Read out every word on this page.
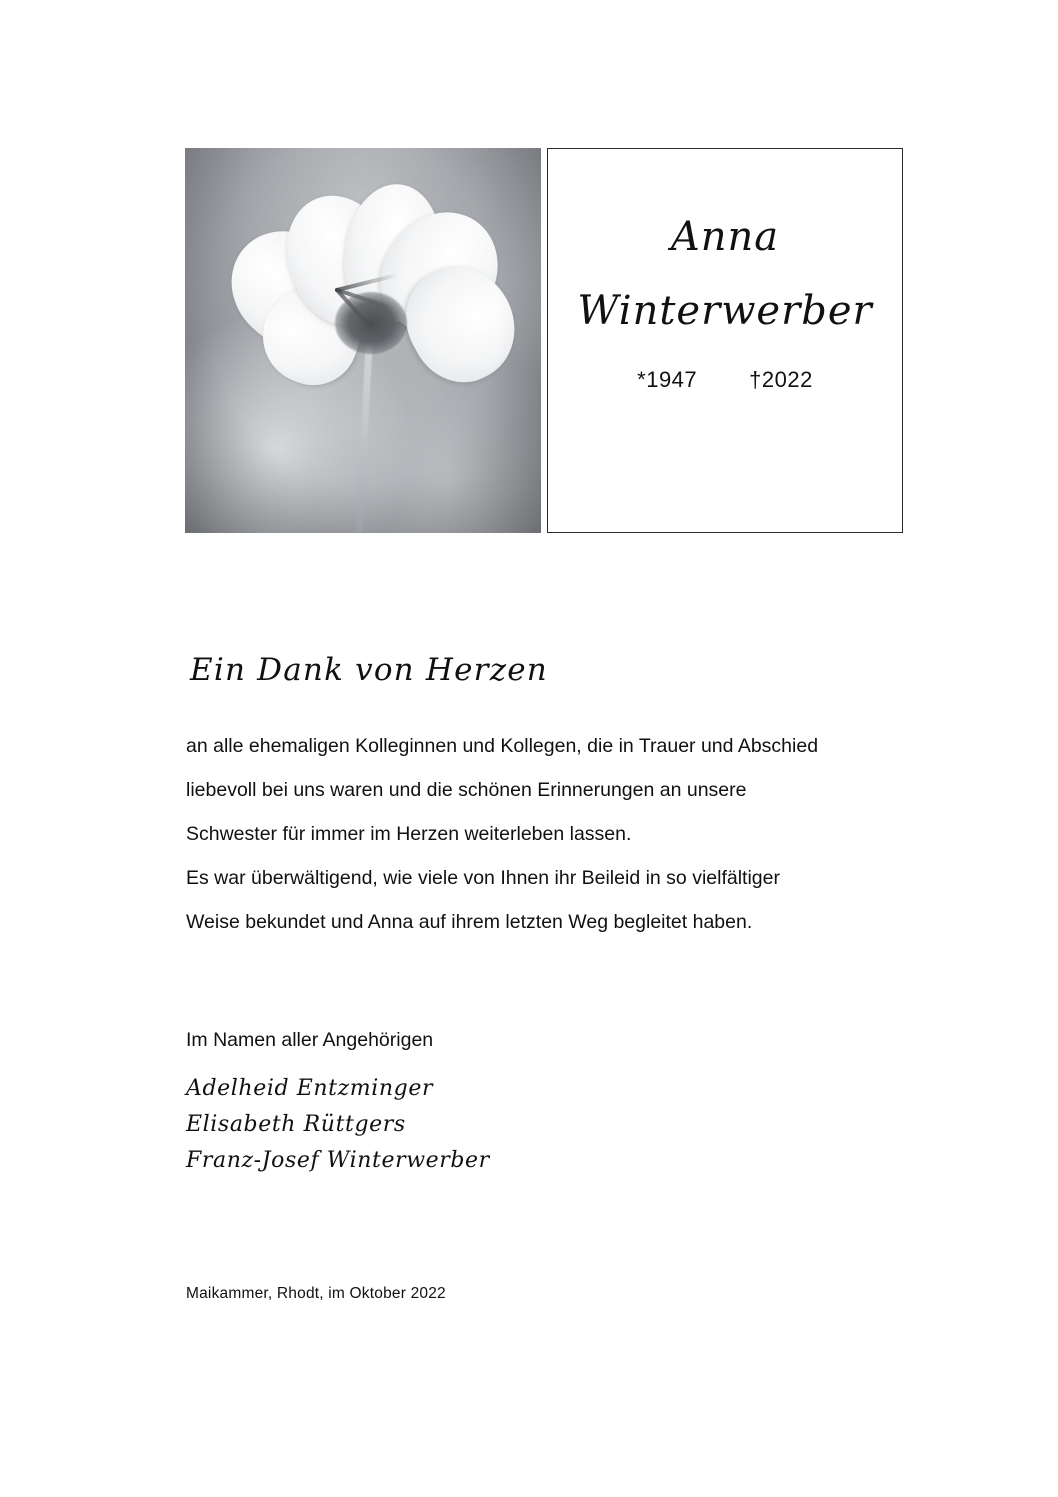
Anna
Winterwerber
*1947 †2022
Ein Dank von Herzen

an alle ehemaligen Kolleginnen und Kollegen, die in Trauer und Abschied

liebevoll bei uns waren und die schönen Erinnerungen an unsere

Schwester für immer im Herzen weiterleben lassen.

Es war überwältigend, wie viele von Ihnen ihr Beileid in so vielfältiger

Weise bekundet und Anna auf ihrem letzten Weg begleitet haben.

Im Namen aller Angehörigen
Adelheid Entzminger
Elisabeth Rüttgers
Franz-Josef Winterwerber
Maikammer, Rhodt, im Oktober 2022
